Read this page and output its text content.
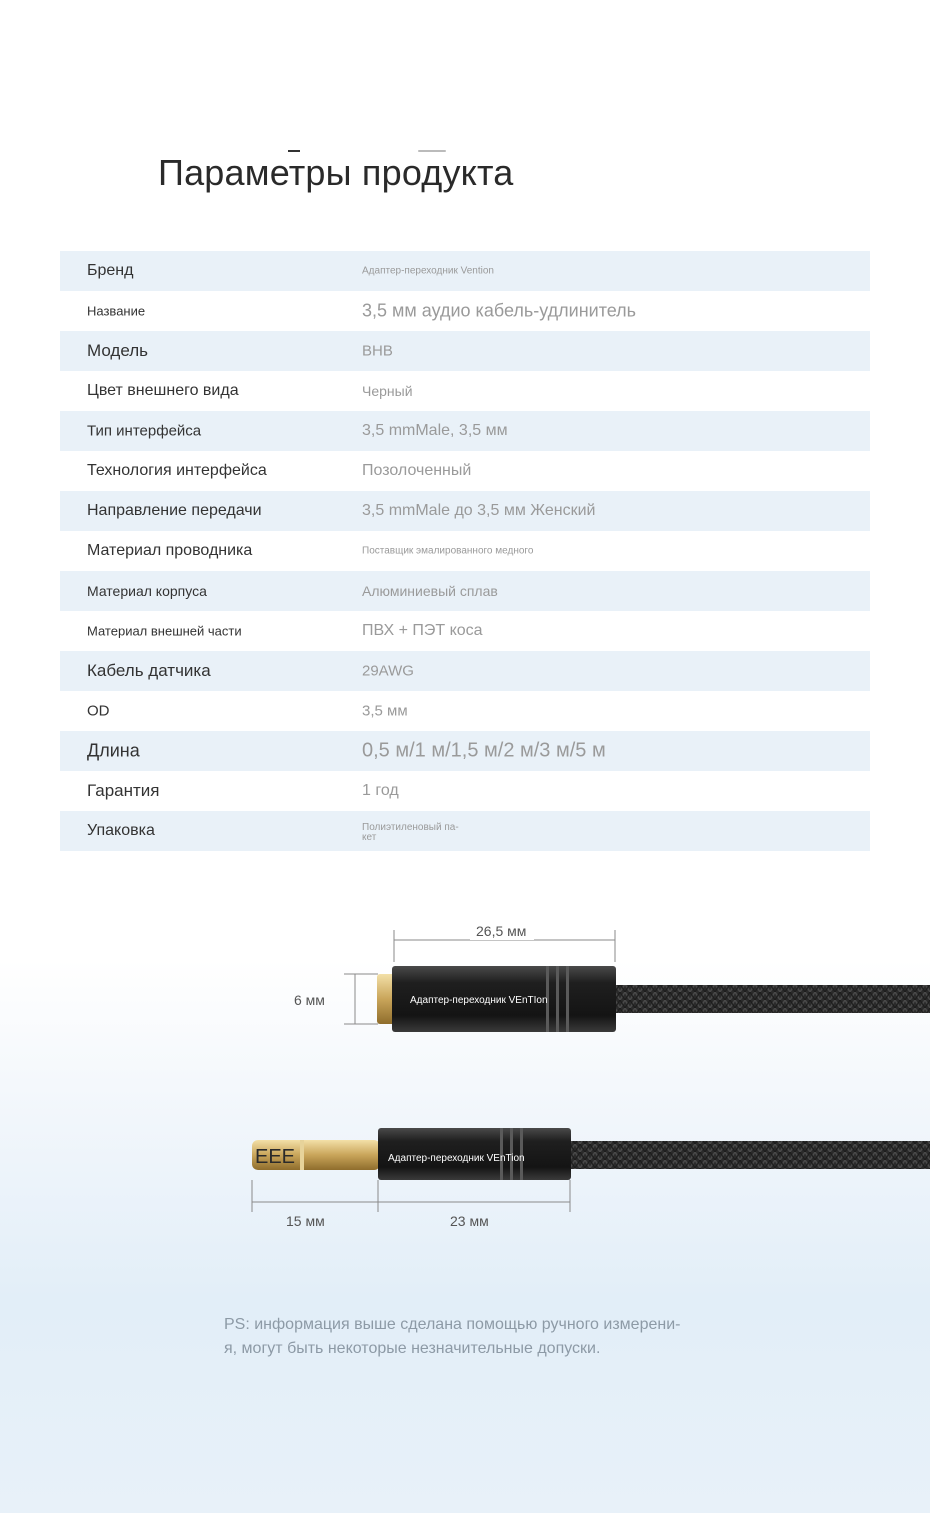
Параметры продукта
Бренд	Адаптер-переходник Vention
Название	3,5 мм аудио кабель-удлинитель
Модель	BHB
Цвет внешнего вида	Черный
Тип интерфейса	3,5 mmMale, 3,5 мм
Технология интерфейса	Позолоченный
Направление передачи	3,5 mmMale до 3,5 мм Женский
Материал проводника	Поставщик эмалированного медного
Материал корпуса	Алюминиевый сплав
Материал внешней части	ПВХ + ПЭТ коса
Кабель датчика	29AWG
OD	3,5 мм
Длина	0,5 м/1 м/1,5 м/2 м/3 м/5 м
Гарантия	1 год
Упаковка	Полиэтиленовый па-
кет
Адаптер-переходник VEnTIon
26,5 мм
6 мм
Адаптер-переходник VEnTion
EEE
15 мм	23 мм

PS: информация выше сделана помощью ручного измерени-
я, могут быть некоторые незначительные допуски.
